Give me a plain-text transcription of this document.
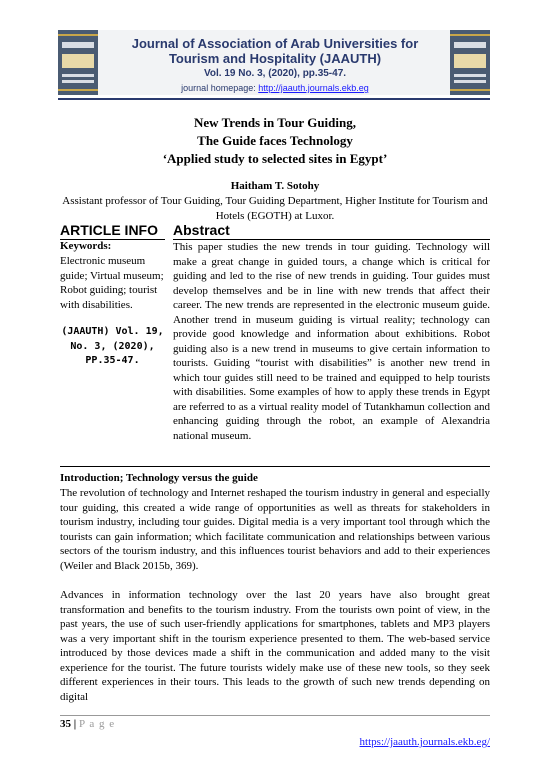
Journal of Association of Arab Universities for Tourism and Hospitality (JAAUTH)
Vol. 19 No. 3, (2020), pp.35-47.
journal homepage: http://jaauth.journals.ekb.eg
New Trends in Tour Guiding,
The Guide faces Technology
‘Applied study to selected sites in Egypt’
Haitham T. Sotohy
Assistant professor of Tour Guiding, Tour Guiding Department, Higher Institute for Tourism and Hotels (EGOTH) at Luxor.
ARTICLE INFO Abstract
Keywords:
Electronic museum guide; Virtual museum; Robot guiding; tourist with disabilities.
(JAAUTH) Vol. 19, No. 3, (2020), PP.35-47.
This paper studies the new trends in tour guiding. Technology will make a great change in guided tours, a change which is critical for guiding and led to the rise of new trends in guiding. Tour guides must develop themselves and be in line with new trends that affect their career. The new trends are represented in the electronic museum guide. Another trend in museum guiding is virtual reality; technology can provide good knowledge and information about exhibitions. Robot guiding also is a new trend in museums to give certain information to tourists. Guiding “tourist with disabilities” is another new trend in which tour guides still need to be trained and equipped to help tourists with disabilities. Some examples of how to apply these trends in Egypt are referred to as a virtual reality model of Tutankhamun collection and enhancing guiding through the robot, an example of Alexandria national museum.
Introduction; Technology versus the guide
The revolution of technology and Internet reshaped the tourism industry in general and especially tour guiding, this created a wide range of opportunities as well as threats for stakeholders in tourism industry, including tour guides. Digital media is a very important tool through which the tourists can gain information; which facilitate communication and relationships between various sectors of the tourism industry, and this influences tourist behaviors and add to their experiences (Weiler and Black 2015b, 369).
Advances in information technology over the last 20 years have also brought great transformation and benefits to the tourism industry. From the tourists own point of view, in the past years, the use of such user-friendly applications for smartphones, tablets and MP3 players was a very important shift in the tourism experience presented to them. The web-based service introduced by those devices made a shift in the communication and added many to the visit experience for the tourist. The future tourists widely make use of these new tools, so they seek different experiences in their tours. This leads to the growth of such new trends depending on digital
35 | P a g e
https://jaauth.journals.ekb.eg/
